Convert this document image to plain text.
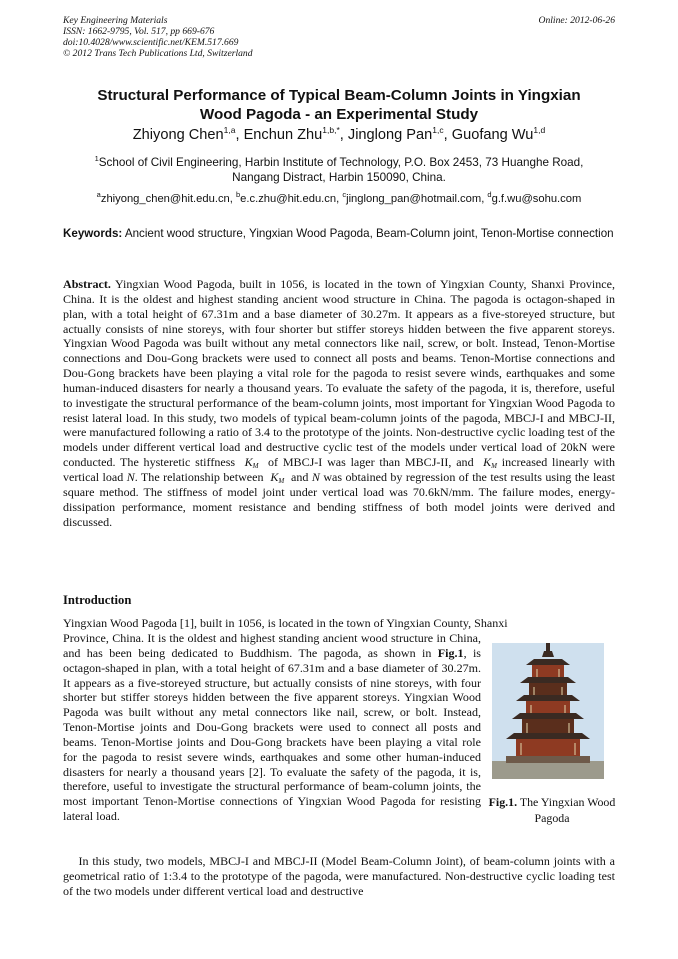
Key Engineering Materials
ISSN: 1662-9795, Vol. 517, pp 669-676
doi:10.4028/www.scientific.net/KEM.517.669
© 2012 Trans Tech Publications Ltd, Switzerland
Online: 2012-06-26
Structural Performance of Typical Beam-Column Joints in Yingxian
Wood Pagoda - an Experimental Study
Zhiyong Chen$^{1,a}$, Enchun Zhu$^{1,b,*}$, Jinglong Pan$^{1,c}$, Guofang Wu$^{1,d}$
$^1$School of Civil Engineering, Harbin Institute of Technology, P.O. Box 2453, 73 Huanghe Road,
Nangang Distract, Harbin 150090, China.
$^a$zhiyong_chen@hit.edu.cn, $^b$e.c.zhu@hit.edu.cn, $^c$jinglong_pan@hotmail.com, $^d$g.f.wu@sohu.com
Keywords: Ancient wood structure, Yingxian Wood Pagoda, Beam-Column joint, Tenon-Mortise connection
Abstract. Yingxian Wood Pagoda, built in 1056, is located in the town of Yingxian County, Shanxi Province, China. It is the oldest and highest standing ancient wood structure in China. The pagoda is octagon-shaped in plan, with a total height of 67.31m and a base diameter of 30.27m. It appears as a five-storeyed structure, but actually consists of nine storeys, with four shorter but stiffer storeys hidden between the five apparent storeys. Yingxian Wood Pagoda was built without any metal connectors like nail, screw, or bolt. Instead, Tenon-Mortise connections and Dou-Gong brackets were used to connect all posts and beams. Tenon-Mortise connections and Dou-Gong brackets have been playing a vital role for the pagoda to resist severe winds, earthquakes and some human-induced disasters for nearly a thousand years. To evaluate the safety of the pagoda, it is, therefore, useful to investigate the structural performance of the beam-column joints, most important for Yingxian Wood Pagoda to resist lateral load. In this study, two models of typical beam-column joints of the pagoda, MBCJ-I and MBCJ-II, were manufactured following a ratio of 3.4 to the prototype of the joints. Non-destructive cyclic loading test of the models under different vertical load and destructive cyclic test of the models under vertical load of 20kN were conducted. The hysteretic stiffness $K_M$ of MBCJ-I was lager than MBCJ-II, and $K_M$ increased linearly with vertical load N. The relationship between $K_M$ and N was obtained by regression of the test results using the least square method. The stiffness of model joint under vertical load was 70.6kN/mm. The failure modes, energy-dissipation performance, moment resistance and bending stiffness of both model joints were derived and discussed.
Introduction
Yingxian Wood Pagoda [1], built in 1056, is located in the town of Yingxian County, Shanxi
Province, China. It is the oldest and highest standing ancient wood structure in China, and has been being dedicated to Buddhism. The pagoda, as shown in Fig.1, is octagon-shaped in plan, with a total height of 67.31m and a base diameter of 30.27m. It appears as a five-storeyed structure, but actually consists of nine storeys, with four shorter but stiffer storeys hidden between the five apparent storeys. Yingxian Wood Pagoda was built without any metal connectors like nail, screw, or bolt. Instead, Tenon-Mortise joints and Dou-Gong brackets were used to connect all posts and beams. Tenon-Mortise joints and Dou-Gong brackets have been playing a vital role for the pagoda to resist severe winds, earthquakes and some other human-induced disasters for nearly a thousand years [2]. To evaluate the safety of the pagoda, it is, therefore, useful to investigate the structural performance of beam-column joints, the most important Tenon-Mortise connections of Yingxian Wood Pagoda for resisting lateral load.
In this study, two models, MBCJ-I and MBCJ-II (Model Beam-Column Joint), of beam-column joints with a geometrical ratio of 1:3.4 to the prototype of the pagoda, were manufactured. Non-destructive cyclic loading test of the two models under different vertical load and destructive
Fig.1. The Yingxian Wood Pagoda
